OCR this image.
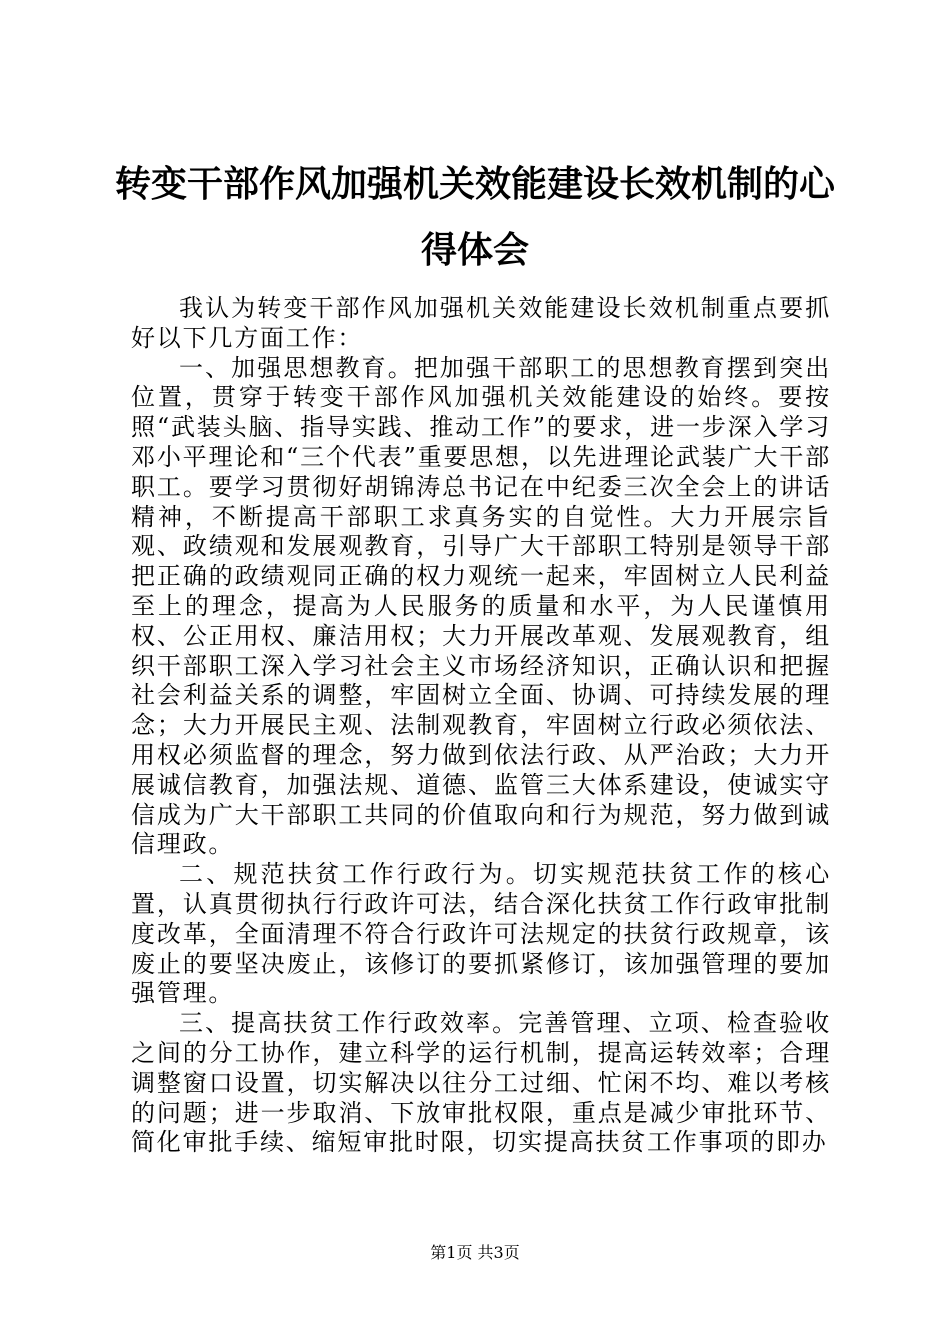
转变干部作风加强机关效能建设长效机制的心得体会

我认为转变干部作风加强机关效能建设长效机制重点要抓好以下几方面工作：

一、加强思想教育。把加强干部职工的思想教育摆到突出位置，贯穿于转变干部作风加强机关效能建设的始终。要按照“武装头脑、指导实践、推动工作”的要求，进一步深入学习邓小平理论和“三个代表”重要思想，以先进理论武装广大干部职工。要学习贯彻好胡锦涛总书记在中纪委三次全会上的讲话精神，不断提高干部职工求真务实的自觉性。大力开展宗旨观、政绩观和发展观教育，引导广大干部职工特别是领导干部把正确的政绩观同正确的权力观统一起来，牢固树立人民利益至上的理念，提高为人民服务的质量和水平，为人民谨慎用权、公正用权、廉洁用权；大力开展改革观、发展观教育，组织干部职工深入学习社会主义市场经济知识，正确认识和把握社会利益关系的调整，牢固树立全面、协调、可持续发展的理念；大力开展民主观、法制观教育，牢固树立行政必须依法、用权必须监督的理念，努力做到依法行政、从严治政；大力开展诚信教育，加强法规、道德、监管三大体系建设，使诚实守信成为广大干部职工共同的价值取向和行为规范，努力做到诚信理政。

二、规范扶贫工作行政行为。切实规范扶贫工作的核心置，认真贯彻执行行政许可法，结合深化扶贫工作行政审批制度改革，全面清理不符合行政许可法规定的扶贫行政规章，该废止的要坚决废止，该修订的要抓紧修订，该加强管理的要加强管理。

三、提高扶贫工作行政效率。完善管理、立项、检查验收之间的分工协作，建立科学的运行机制，提高运转效率；合理调整窗口设置，切实解决以往分工过细、忙闲不均、难以考核的问题；进一步取消、下放审批权限，重点是减少审批环节、简化审批手续、缩短审批时限，切实提高扶贫工作事项的即办

第1页 共3页
